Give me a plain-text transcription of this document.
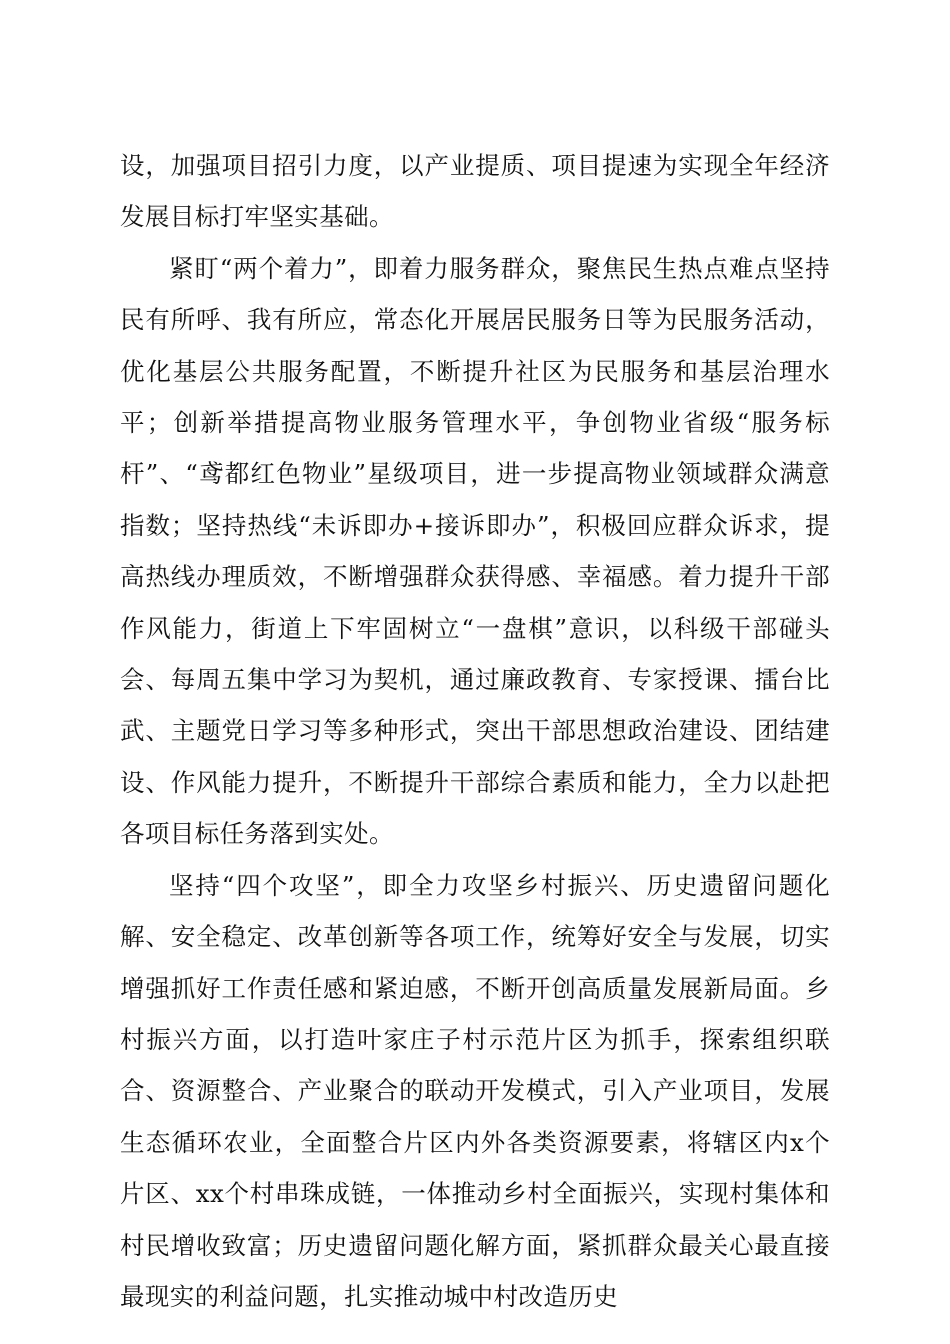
设，加强项目招引力度，以产业提质、项目提速为实现全年经济发展目标打牢坚实基础。

紧盯“两个着力”，即着力服务群众，聚焦民生热点难点坚持民有所呼、我有所应，常态化开展居民服务日等为民服务活动，优化基层公共服务配置，不断提升社区为民服务和基层治理水平；创新举措提高物业服务管理水平，争创物业省级“服务标杆”、“鸢都红色物业”星级项目，进一步提高物业领域群众满意指数；坚持热线“未诉即办+接诉即办”，积极回应群众诉求，提高热线办理质效，不断增强群众获得感、幸福感。着力提升干部作风能力，街道上下牢固树立“一盘棋”意识，以科级干部碰头会、每周五集中学习为契机，通过廉政教育、专家授课、擂台比武、主题党日学习等多种形式，突出干部思想政治建设、团结建设、作风能力提升，不断提升干部综合素质和能力，全力以赴把各项目标任务落到实处。

坚持“四个攻坚”，即全力攻坚乡村振兴、历史遗留问题化解、安全稳定、改革创新等各项工作，统筹好安全与发展，切实增强抓好工作责任感和紧迫感，不断开创高质量发展新局面。乡村振兴方面，以打造叶家庄子村示范片区为抓手，探索组织联合、资源整合、产业聚合的联动开发模式，引入产业项目，发展生态循环农业，全面整合片区内外各类资源要素，将辖区内x个片区、xx个村串珠成链，一体推动乡村全面振兴，实现村集体和村民增收致富；历史遗留问题化解方面，紧抓群众最关心最直接最现实的利益问题，扎实推动城中村改造历史
